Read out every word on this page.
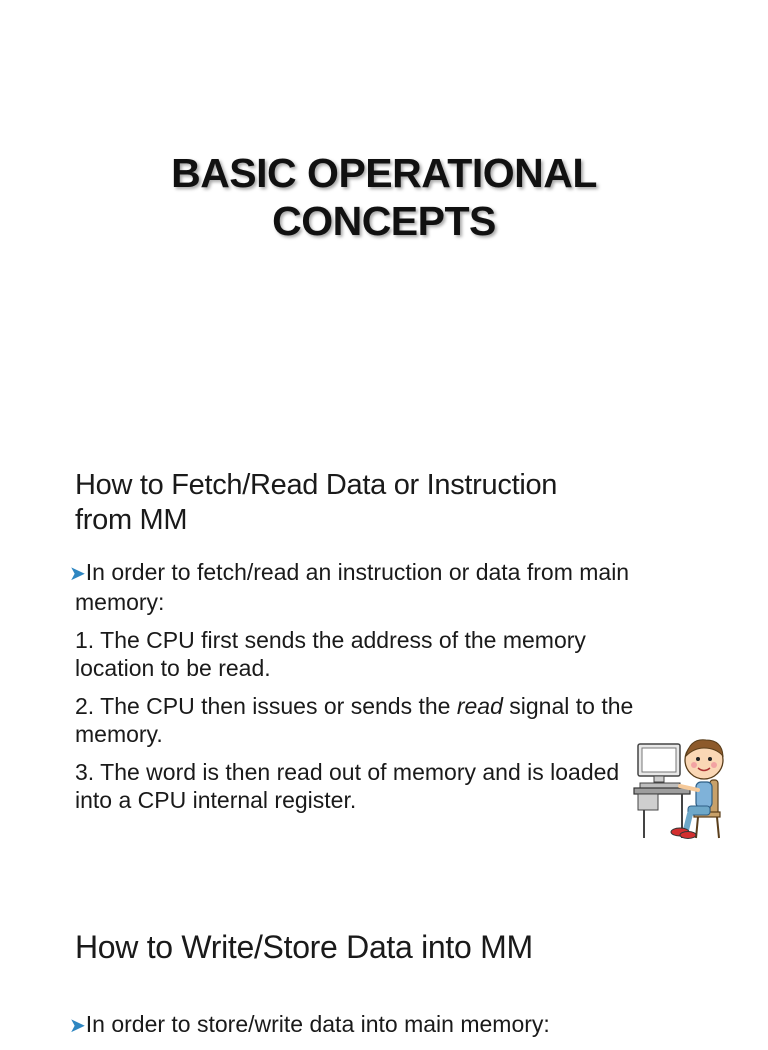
BASIC OPERATIONAL
CONCEPTS
How to Fetch/Read Data or Instruction
from MM

➤In order to fetch/read an instruction or data from main memory:

1. The CPU first sends the address of the memory location to be read.

2. The CPU then issues or sends the read signal to the memory.

3. The word is then read out of memory and is loaded into a CPU internal register.

How to Write/Store Data into MM

➤In order to store/write data into main memory:
